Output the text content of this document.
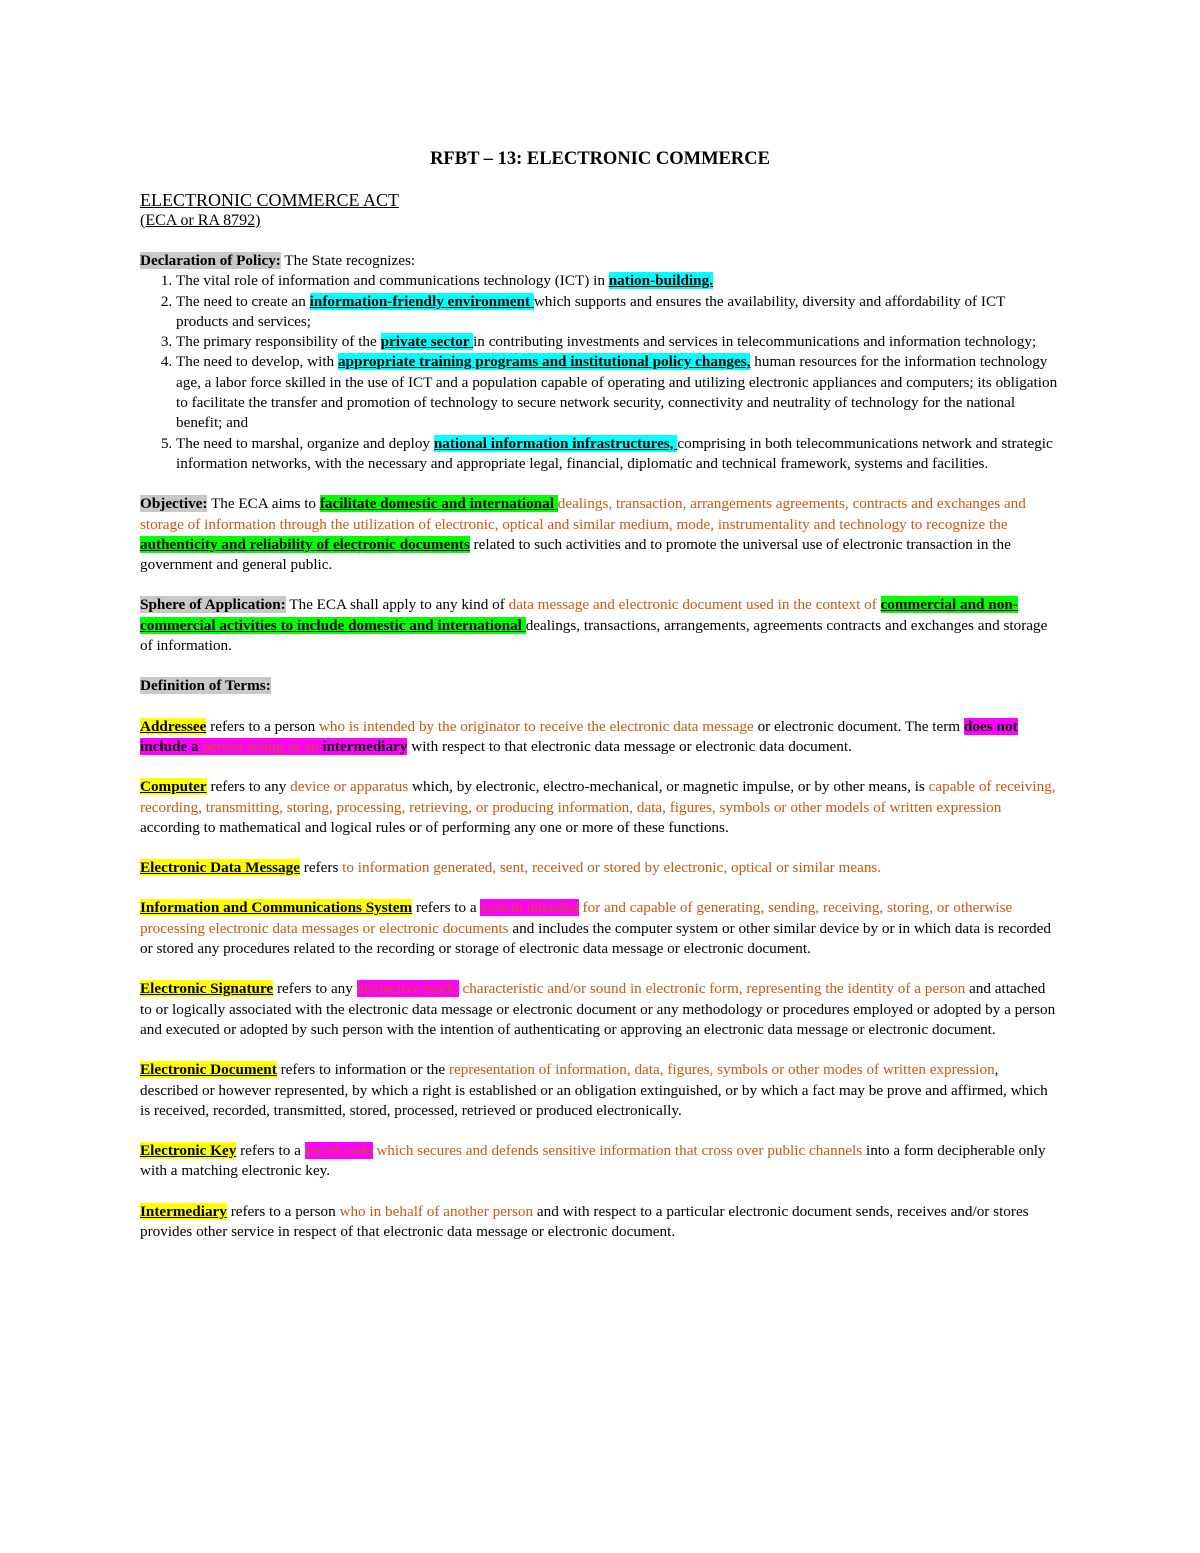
RFBT – 13: ELECTRONIC COMMERCE
ELECTRONIC COMMERCE ACT
(ECA or RA 8792)
Declaration of Policy: The State recognizes:
1. The vital role of information and communications technology (ICT) in nation-building.
2. The need to create an information-friendly environment which supports and ensures the availability, diversity and affordability of ICT products and services;
3. The primary responsibility of the private sector in contributing investments and services in telecommunications and information technology;
4. The need to develop, with appropriate training programs and institutional policy changes, human resources for the information technology age, a labor force skilled in the use of ICT and a population capable of operating and utilizing electronic appliances and computers; its obligation to facilitate the transfer and promotion of technology to secure network security, connectivity and neutrality of technology for the national benefit; and
5. The need to marshal, organize and deploy national information infrastructures, comprising in both telecommunications network and strategic information networks, with the necessary and appropriate legal, financial, diplomatic and technical framework, systems and facilities.

Objective: The ECA aims to facilitate domestic and international dealings, transaction, arrangements agreements, contracts and exchanges and storage of information through the utilization of electronic, optical and similar medium, mode, instrumentality and technology to recognize the authenticity and reliability of electronic documents related to such activities and to promote the universal use of electronic transaction in the government and general public.

Sphere of Application: The ECA shall apply to any kind of data message and electronic document used in the context of commercial and non-commercial activities to include domestic and international dealings, transactions, arrangements, agreements contracts and exchanges and storage of information.

Definition of Terms:

Addressee refers to a person who is intended by the originator to receive the electronic data message or electronic document. The term does not include a person acting as an intermediary with respect to that electronic data message or electronic data document.

Computer refers to any device or apparatus which, by electronic, electro-mechanical, or magnetic impulse, or by other means, is capable of receiving, recording, transmitting, storing, processing, retrieving, or producing information, data, figures, symbols or other models of written expression according to mathematical and logical rules or of performing any one or more of these functions.

Electronic Data Message refers to information generated, sent, received or stored by electronic, optical or similar means.

Information and Communications System refers to a system intended for and capable of generating, sending, receiving, storing, or otherwise processing electronic data messages or electronic documents and includes the computer system or other similar device by or in which data is recorded or stored any procedures related to the recording or storage of electronic data message or electronic document.

Electronic Signature refers to any distinctive mark, characteristic and/or sound in electronic form, representing the identity of a person and attached to or logically associated with the electronic data message or electronic document or any methodology or procedures employed or adopted by a person and executed or adopted by such person with the intention of authenticating or approving an electronic data message or electronic document.

Electronic Document refers to information or the representation of information, data, figures, symbols or other modes of written expression, described or however represented, by which a right is established or an obligation extinguished, or by which a fact may be prove and affirmed, which is received, recorded, transmitted, stored, processed, retrieved or produced electronically.

Electronic Key refers to a secret code which secures and defends sensitive information that cross over public channels into a form decipherable only with a matching electronic key.

Intermediary refers to a person who in behalf of another person and with respect to a particular electronic document sends, receives and/or stores provides other service in respect of that electronic data message or electronic document.
